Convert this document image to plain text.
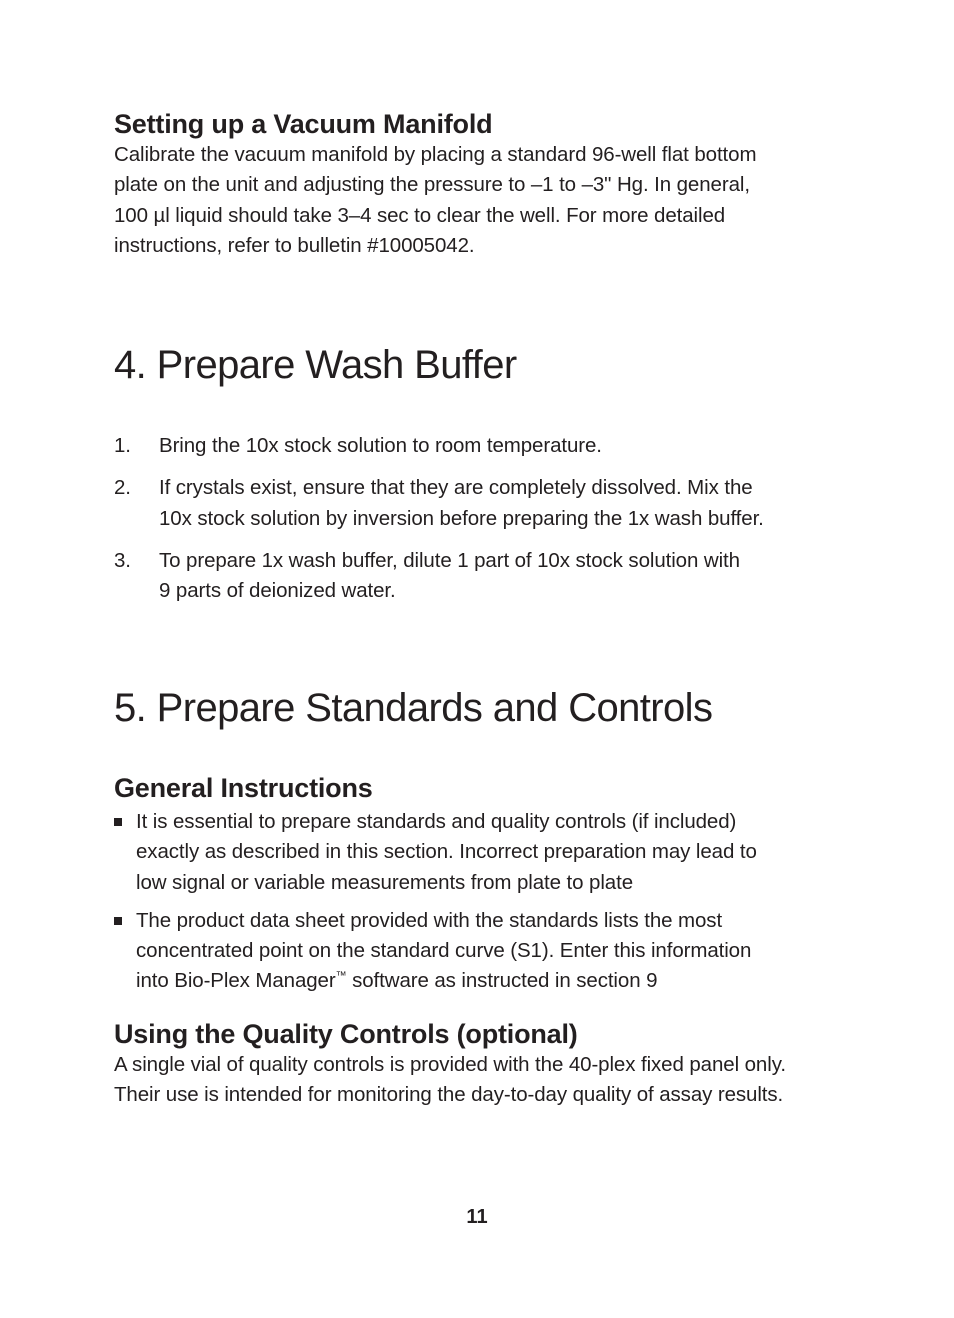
Setting up a Vacuum Manifold

Calibrate the vacuum manifold by placing a standard 96-well flat bottom
plate on the unit and adjusting the pressure to –1 to –3" Hg. In general,
100 µl liquid should take 3–4 sec to clear the well. For more detailed
instructions, refer to bulletin #10005042.

4. Prepare Wash Buffer
1. Bring the 10x stock solution to room temperature.
2. If crystals exist, ensure that they are completely dissolved. Mix the
10x stock solution by inversion before preparing the 1x wash buffer.
3. To prepare 1x wash buffer, dilute 1 part of 10x stock solution with
9 parts of deionized water.
5. Prepare Standards and Controls
General Instructions
It is essential to prepare standards and quality controls (if included)
exactly as described in this section. Incorrect preparation may lead to
low signal or variable measurements from plate to plate
The product data sheet provided with the standards lists the most
concentrated point on the standard curve (S1). Enter this information
into Bio-Plex Manager™ software as instructed in section 9
Using the Quality Controls (optional)

A single vial of quality controls is provided with the 40-plex fixed panel only.
Their use is intended for monitoring the day-to-day quality of assay results.

11
